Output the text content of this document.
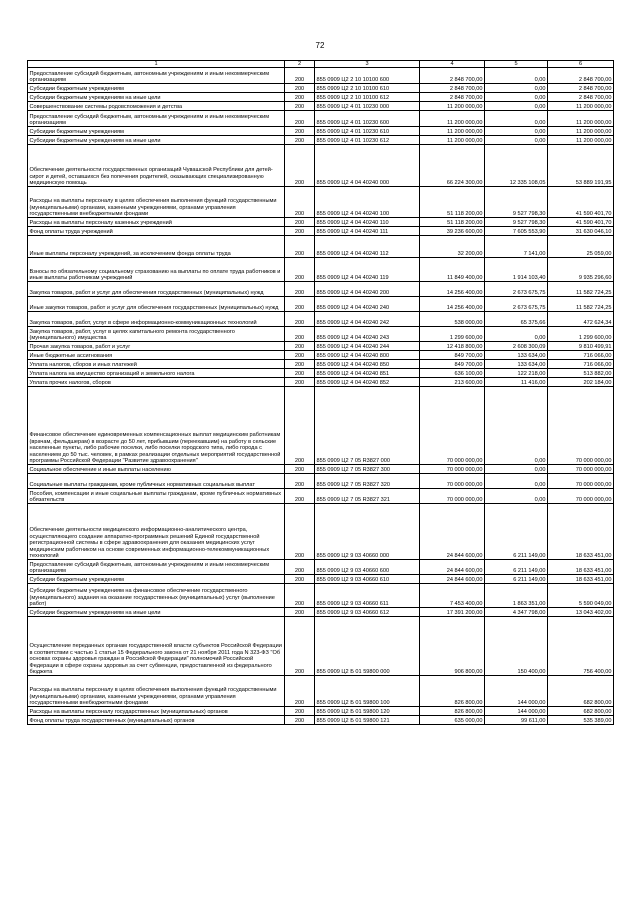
72
1	2	3	4	5	6
Предоставление субсидий бюджетным, автономным учреждениям и иным некоммерческим организациям	200	855 0909 Ц2 2 10 10100 600	2 848 700,00	0,00	2 848 700,00
Субсидии бюджетным учреждениям	200	855 0909 Ц2 2 10 10100 610	2 848 700,00	0,00	2 848 700,00
Субсидии бюджетным учреждениям на иные цели	200	855 0909 Ц2 2 10 10100 612	2 848 700,00	0,00	2 848 700,00
Совершенствование системы родовспоможения и детства	200	855 0909 Ц2 4 01 10230 000	11 200 000,00	0,00	11 200 000,00
Предоставление субсидий бюджетным, автономным учреждениям и иным некоммерческим организациям	200	855 0909 Ц2 4 01 10230 600	11 200 000,00	0,00	11 200 000,00
Субсидии бюджетным учреждениям	200	855 0909 Ц2 4 01 10230 610	11 200 000,00	0,00	11 200 000,00
Субсидии бюджетным учреждениям на иные цели	200	855 0909 Ц2 4 01 10230 612	11 200 000,00	0,00	11 200 000,00
Обеспечение деятельности государственных организаций Чувашской Республики для детей-сирот и детей, оставшихся без попечения родителей, оказывающих специализированную медицинскую помощь	200	855 0909 Ц2 4 04 40240 000	66 224 300,00	12 335 108,05	53 889 191,95
Расходы на выплаты персоналу в целях обеспечения выполнения функций государственными (муниципальными) органами, казенными учреждениями, органами управления государственными внебюджетными фондами	200	855 0909 Ц2 4 04 40240 100	51 118 200,00	9 527 798,30	41 590 401,70
Расходы на выплаты персоналу казенных учреждений	200	855 0909 Ц2 4 04 40240 110	51 118 200,00	9 527 798,30	41 590 401,70
Фонд оплаты труда учреждений	200	855 0909 Ц2 4 04 40240 111	39 236 600,00	7 605 553,90	31 630 046,10
Иные выплаты персоналу учреждений, за исключением фонда оплаты труда	200	855 0909 Ц2 4 04 40240 112	32 200,00	7 141,00	25 059,00
Взносы по обязательному социальному страхованию на выплаты по оплате труда работников и иные выплаты работникам учреждений	200	855 0909 Ц2 4 04 40240 119	11 849 400,00	1 914 103,40	9 935 296,60
Закупка товаров, работ и услуг для обеспечения государственных (муниципальных) нужд	200	855 0909 Ц2 4 04 40240 200	14 256 400,00	2 673 675,75	11 582 724,25
Иные закупки товаров, работ и услуг для обеспечения государственных (муниципальных) нужд	200	855 0909 Ц2 4 04 40240 240	14 256 400,00	2 673 675,75	11 582 724,25
Закупка товаров, работ, услуг в сфере информационно-коммуникационных технологий	200	855 0909 Ц2 4 04 40240 242	538 000,00	65 375,66	472 624,34
Закупка товаров, работ, услуг в целях капитального ремонта государственного (муниципального) имущества	200	855 0909 Ц2 4 04 40240 243	1 299 600,00	0,00	1 299 600,00
Прочая закупка товаров, работ и услуг	200	855 0909 Ц2 4 04 40240 244	12 418 800,00	2 608 300,09	9 810 499,91
Иные бюджетные ассигнования	200	855 0909 Ц2 4 04 40240 800	849 700,00	133 634,00	716 066,00
Уплата налогов, сборов и иных платежей	200	855 0909 Ц2 4 04 40240 850	849 700,00	133 634,00	716 066,00
Уплата налога на имущество организаций и земельного налога	200	855 0909 Ц2 4 04 40240 851	636 100,00	122 218,00	513 882,00
Уплата прочих налогов, сборов	200	855 0909 Ц2 4 04 40240 852	213 600,00	11 416,00	202 184,00
Финансовое обеспечение единовременных компенсационных выплат медицинским работникам (врачам, фельдшерам) в возрасте до 50 лет, прибывшим (переехавшим) на работу в сельские населенные пункты, либо рабочие поселки, либо поселки городского типа, либо города с населением до 50 тыс. человек, в рамках реализации отдельных мероприятий государственной программы Российской Федерации "Развитие здравоохранения"	200	855 0909 Ц2 7 05 R3827 000	70 000 000,00	0,00	70 000 000,00
Социальное обеспечение и иные выплаты населению	200	855 0909 Ц2 7 05 R3827 300	70 000 000,00	0,00	70 000 000,00
Социальные выплаты гражданам, кроме публичных нормативных социальных выплат	200	855 0909 Ц2 7 05 R3827 320	70 000 000,00	0,00	70 000 000,00
Пособия, компенсации и иные социальные выплаты гражданам, кроме публичных нормативных обязательств	200	855 0909 Ц2 7 05 R3827 321	70 000 000,00	0,00	70 000 000,00
Обеспечение деятельности медицинского информационно-аналитического центра, осуществляющего создание аппаратно-программных решений Единой государственной регистрационной системы в сфере здравоохранения для оказания медицинских услуг медицинским работником на основе современных информационно-телекоммуникационных технологий	200	855 0909 Ц2 9 03 40660 000	24 844 600,00	6 211 149,00	18 633 451,00
Предоставление субсидий бюджетным, автономным учреждениям и иным некоммерческим организациям	200	855 0909 Ц2 9 03 40660 600	24 844 600,00	6 211 149,00	18 633 451,00
Субсидии бюджетным учреждениям	200	855 0909 Ц2 9 03 40660 610	24 844 600,00	6 211 149,00	18 633 451,00
Субсидии бюджетным учреждениям на финансовое обеспечение государственного (муниципального) задания на оказание государственных (муниципальных) услуг (выполнение работ)	200	855 0909 Ц2 9 03 40660 611	7 453 400,00	1 863 351,00	5 590 049,00
Субсидии бюджетным учреждениям на иные цели	200	855 0909 Ц2 9 03 40660 612	17 391 200,00	4 347 798,00	13 043 402,00
Осуществление переданных органам государственной власти субъектов Российской Федерации в соответствии с частью 1 статьи 15 Федерального закона от 21 ноября 2011 года N 323-ФЗ "Об основах охраны здоровья граждан в Российской Федерации" полномочий Российской Федерации в сфере охраны здоровья за счет субвенции, предоставленной из федерального бюджета	200	855 0909 Ц2 Б 01 59800 000	906 800,00	150 400,00	756 400,00
Расходы на выплаты персоналу в целях обеспечения выполнения функций государственными (муниципальными) органами, казенными учреждениями, органами управления государственными внебюджетными фондами	200	855 0909 Ц2 Б 01 59800 100	826 800,00	144 000,00	682 800,00
Расходы на выплаты персоналу государственных (муниципальных) органов	200	855 0909 Ц2 Б 01 59800 120	826 800,00	144 000,00	682 800,00
Фонд оплаты труда государственных (муниципальных) органов	200	855 0909 Ц2 Б 01 59800 121	635 000,00	99 611,00	535 389,00
